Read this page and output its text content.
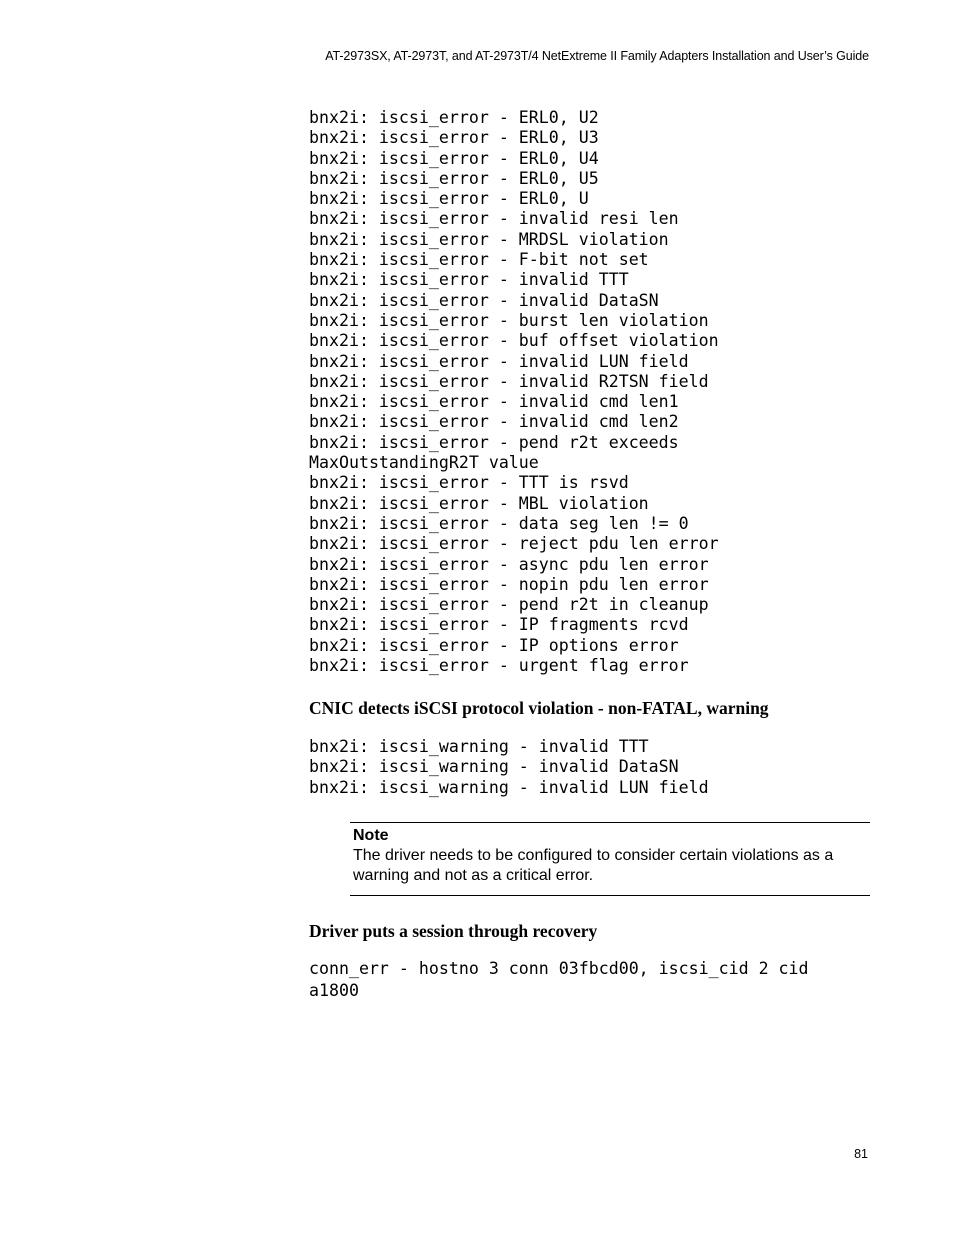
AT-2973SX, AT-2973T, and AT-2973T/4 NetExtreme II Family Adapters Installation and User’s Guide
bnx2i: iscsi_error - ERL0, U2
bnx2i: iscsi_error - ERL0, U3
bnx2i: iscsi_error - ERL0, U4
bnx2i: iscsi_error - ERL0, U5
bnx2i: iscsi_error - ERL0, U
bnx2i: iscsi_error - invalid resi len
bnx2i: iscsi_error - MRDSL violation
bnx2i: iscsi_error - F-bit not set
bnx2i: iscsi_error - invalid TTT
bnx2i: iscsi_error - invalid DataSN
bnx2i: iscsi_error - burst len violation
bnx2i: iscsi_error - buf offset violation
bnx2i: iscsi_error - invalid LUN field
bnx2i: iscsi_error - invalid R2TSN field
bnx2i: iscsi_error - invalid cmd len1
bnx2i: iscsi_error - invalid cmd len2
bnx2i: iscsi_error - pend r2t exceeds
MaxOutstandingR2T value
bnx2i: iscsi_error - TTT is rsvd
bnx2i: iscsi_error - MBL violation
bnx2i: iscsi_error - data seg len != 0
bnx2i: iscsi_error - reject pdu len error
bnx2i: iscsi_error - async pdu len error
bnx2i: iscsi_error - nopin pdu len error
bnx2i: iscsi_error - pend r2t in cleanup
bnx2i: iscsi_error - IP fragments rcvd
bnx2i: iscsi_error - IP options error
bnx2i: iscsi_error - urgent flag error
CNIC detects iSCSI protocol violation - non-FATAL, warning
bnx2i: iscsi_warning - invalid TTT
bnx2i: iscsi_warning - invalid DataSN
bnx2i: iscsi_warning - invalid LUN field
Note
The driver needs to be configured to consider certain violations as a
warning and not as a critical error.
Driver puts a session through recovery
conn_err - hostno 3 conn 03fbcd00, iscsi_cid 2 cid
a1800
81
